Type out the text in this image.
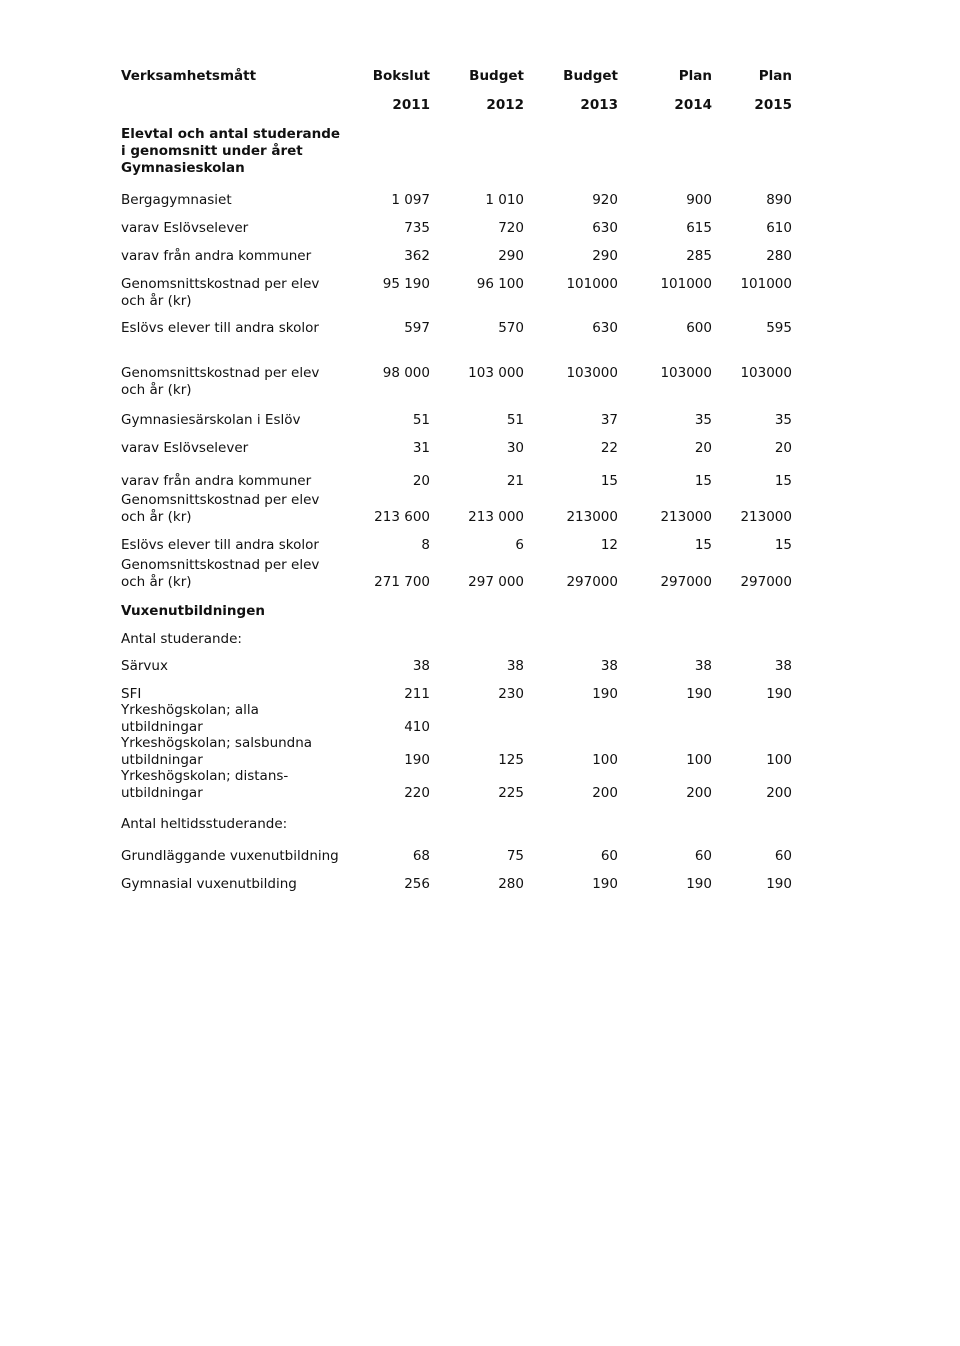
Verksamhetsmått	Bokslut	Budget	Budget	Plan	Plan
2011	2012	2013	2014	2015
Elevtal och antal studerande
i genomsnitt under året
Gymnasieskolan
Vuxenutbildningen
Antal studerande:
Antal heltidsstuderande:
Bergagymnasiet	1 097	1 010	920	900	890
varav Eslövselever	735	720	630	615	610
varav från andra kommuner	362	290	290	285	280
Genomsnittskostnad per elev
och år (kr)
95 190	96 100	101000	101000	101000
Eslövs elever till andra skolor	597	570	630	600	595
Genomsnittskostnad per elev
och år (kr)
98 000	103 000	103000	103000	103000
Gymnasiesärskolan i Eslöv	51	51	37	35	35
varav Eslövselever	31	30	22	20	20
varav från andra kommuner	20	21	15	15	15
Genomsnittskostnad per elev
och år (kr)	213 600	213 000	213000	213000	213000
Eslövs elever till andra skolor	8	6	12	15	15
Genomsnittskostnad per elev
och år (kr)	271 700	297 000	297000	297000	297000
Särvux	38	38	38	38	38
SFI	211	230	190	190	190
Yrkeshögskolan; alla
utbildningar	410
Yrkeshögskolan; salsbundna
utbildningar	190	125	100	100	100
Yrkeshögskolan; distans-
utbildningar	220	225	200	200	200
Grundläggande vuxenutbildning	68	75	60	60	60
Gymnasial vuxenutbilding	256	280	190	190	190
